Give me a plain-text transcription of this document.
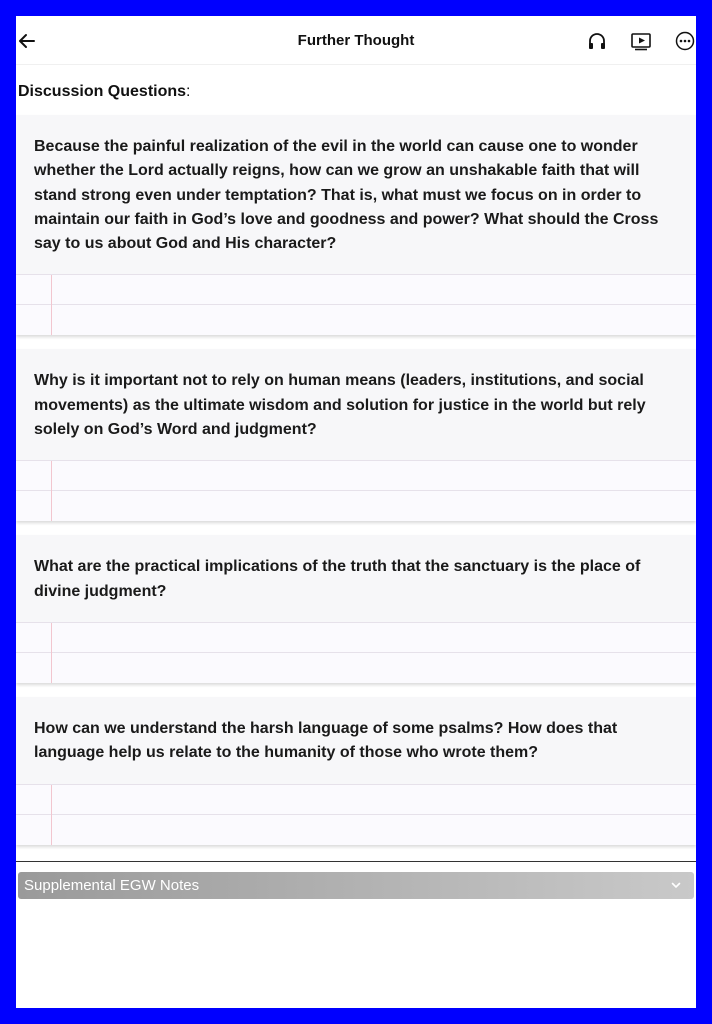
Further Thought
Discussion Questions:
Because the painful realization of the evil in the world can cause one to wonder whether the Lord actually reigns, how can we grow an unshakable faith that will stand strong even under temptation? That is, what must we focus on in order to maintain our faith in God’s love and goodness and power? What should the Cross say to us about God and His character?
Why is it important not to rely on human means (leaders, institutions, and social movements) as the ultimate wisdom and solution for justice in the world but rely solely on God’s Word and judgment?
What are the practical implications of the truth that the sanctuary is the place of divine judgment?
How can we understand the harsh language of some psalms? How does that language help us relate to the humanity of those who wrote them?
Supplemental EGW Notes
